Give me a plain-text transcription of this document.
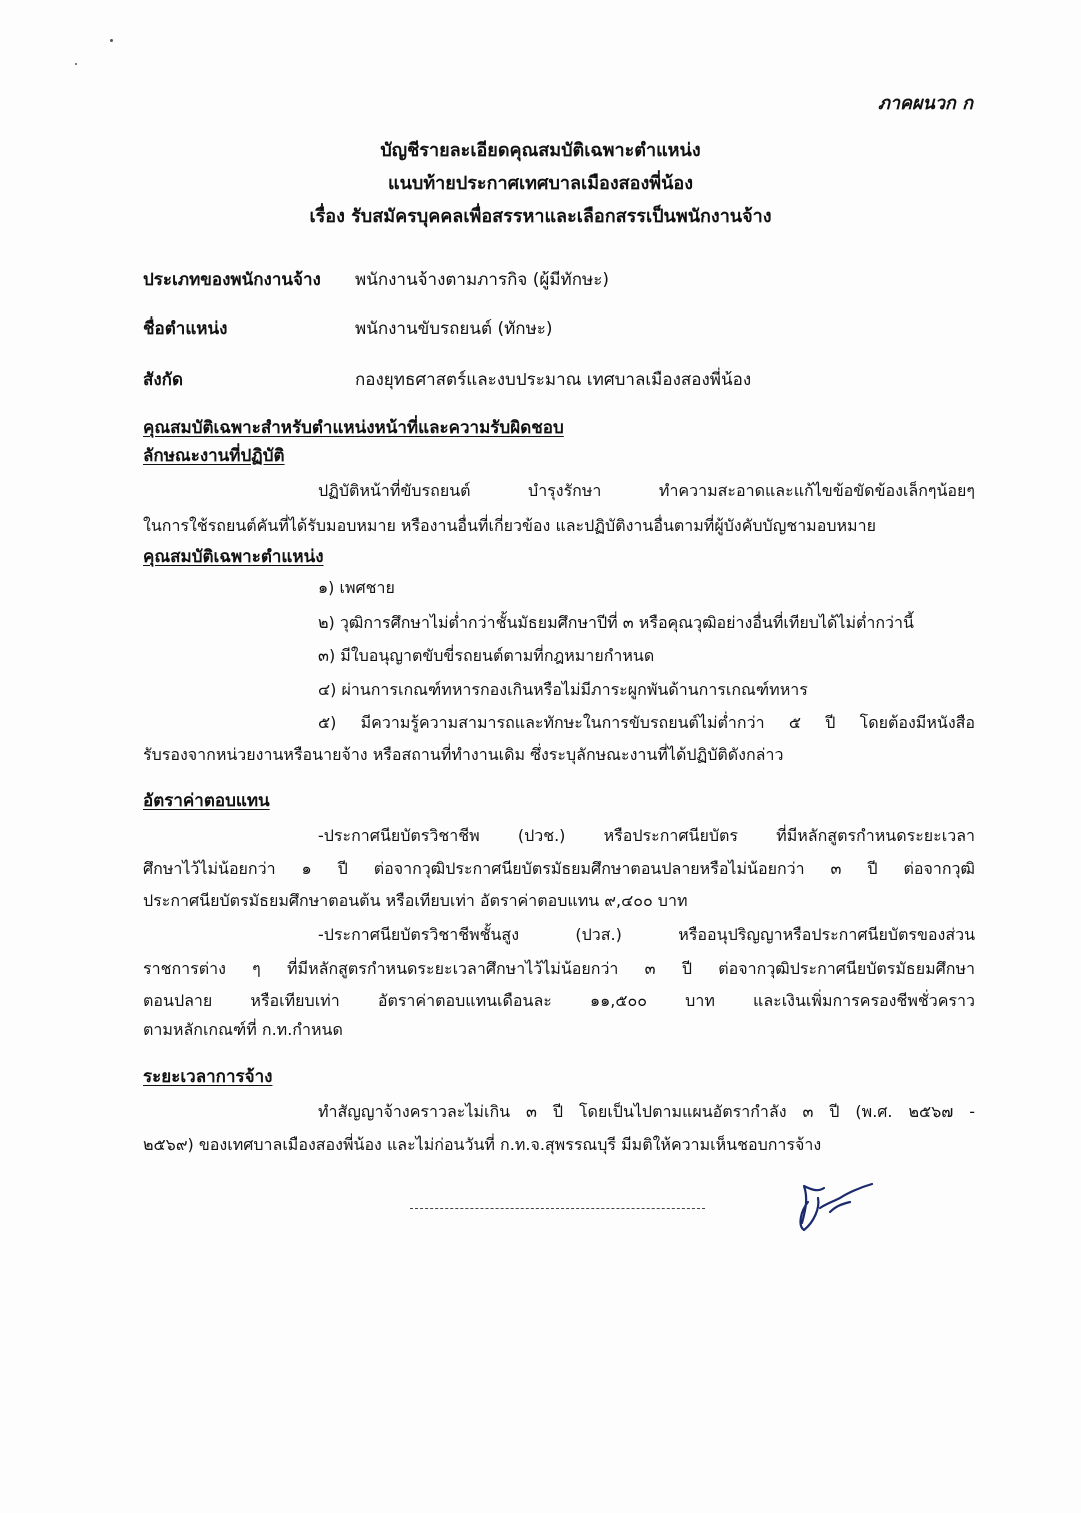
ภาคผนวก ก
บัญชีรายละเอียดคุณสมบัติเฉพาะตำแหน่ง
แนบท้ายประกาศเทศบาลเมืองสองพี่น้อง
เรื่อง รับสมัครบุคคลเพื่อสรรหาและเลือกสรรเป็นพนักงานจ้าง
ประเภทของพนักงานจ้าง พนักงานจ้างตามภารกิจ (ผู้มีทักษะ)
ชื่อตำแหน่ง	พนักงานขับรถยนต์ (ทักษะ)
สังกัด	กองยุทธศาสตร์และงบประมาณ เทศบาลเมืองสองพี่น้อง
คุณสมบัติเฉพาะสำหรับตำแหน่งหน้าที่และความรับผิดชอบ
ลักษณะงานที่ปฏิบัติ
ปฏิบัติหน้าที่ขับรถยนต์ บำรุงรักษา ทำความสะอาดและแก้ไขข้อขัดข้องเล็กๆน้อยๆ
ในการใช้รถยนต์คันที่ได้รับมอบหมาย หรืองานอื่นที่เกี่ยวข้อง และปฏิบัติงานอื่นตามที่ผู้บังคับบัญชามอบหมาย
คุณสมบัติเฉพาะตำแหน่ง
๑) เพศชาย
๒) วุฒิการศึกษาไม่ต่ำกว่าชั้นมัธยมศึกษาปีที่ ๓ หรือคุณวุฒิอย่างอื่นที่เทียบได้ไม่ต่ำกว่านี้
๓) มีใบอนุญาตขับขี่รถยนต์ตามที่กฎหมายกำหนด
๔) ผ่านการเกณฑ์ทหารกองเกินหรือไม่มีภาระผูกพันด้านการเกณฑ์ทหาร
๕) มีความรู้ความสามารถและทักษะในการขับรถยนต์ไม่ต่ำกว่า ๕ ปี โดยต้องมีหนังสือ
รับรองจากหน่วยงานหรือนายจ้าง หรือสถานที่ทำงานเดิม ซึ่งระบุลักษณะงานที่ได้ปฏิบัติดังกล่าว
อัตราค่าตอบแทน
-ประกาศนียบัตรวิชาชีพ (ปวช.) หรือประกาศนียบัตร ที่มีหลักสูตรกำหนดระยะเวลา
ศึกษาไว้ไม่น้อยกว่า ๑ ปี ต่อจากวุฒิประกาศนียบัตรมัธยมศึกษาตอนปลายหรือไม่น้อยกว่า ๓ ปี ต่อจากวุฒิ
ประกาศนียบัตรมัธยมศึกษาตอนต้น หรือเทียบเท่า อัตราค่าตอบแทน ๙,๔๐๐ บาท
-ประกาศนียบัตรวิชาชีพชั้นสูง (ปวส.) หรืออนุปริญญาหรือประกาศนียบัตรของส่วน
ราชการต่าง ๆ ที่มีหลักสูตรกำหนดระยะเวลาศึกษาไว้ไม่น้อยกว่า ๓ ปี ต่อจากวุฒิประกาศนียบัตรมัธยมศึกษา
ตอนปลาย หรือเทียบเท่า อัตราค่าตอบแทนเดือนละ ๑๑,๕๐๐ บาท และเงินเพิ่มการครองชีพชั่วคราว
ตามหลักเกณฑ์ที่ ก.ท.กำหนด
ระยะเวลาการจ้าง
ทำสัญญาจ้างคราวละไม่เกิน ๓ ปี โดยเป็นไปตามแผนอัตรากำลัง ๓ ปี (พ.ศ. ๒๕๖๗ -
๒๕๖๙) ของเทศบาลเมืองสองพี่น้อง และไม่ก่อนวันที่ ก.ท.จ.สุพรรณบุรี มีมติให้ความเห็นชอบการจ้าง
